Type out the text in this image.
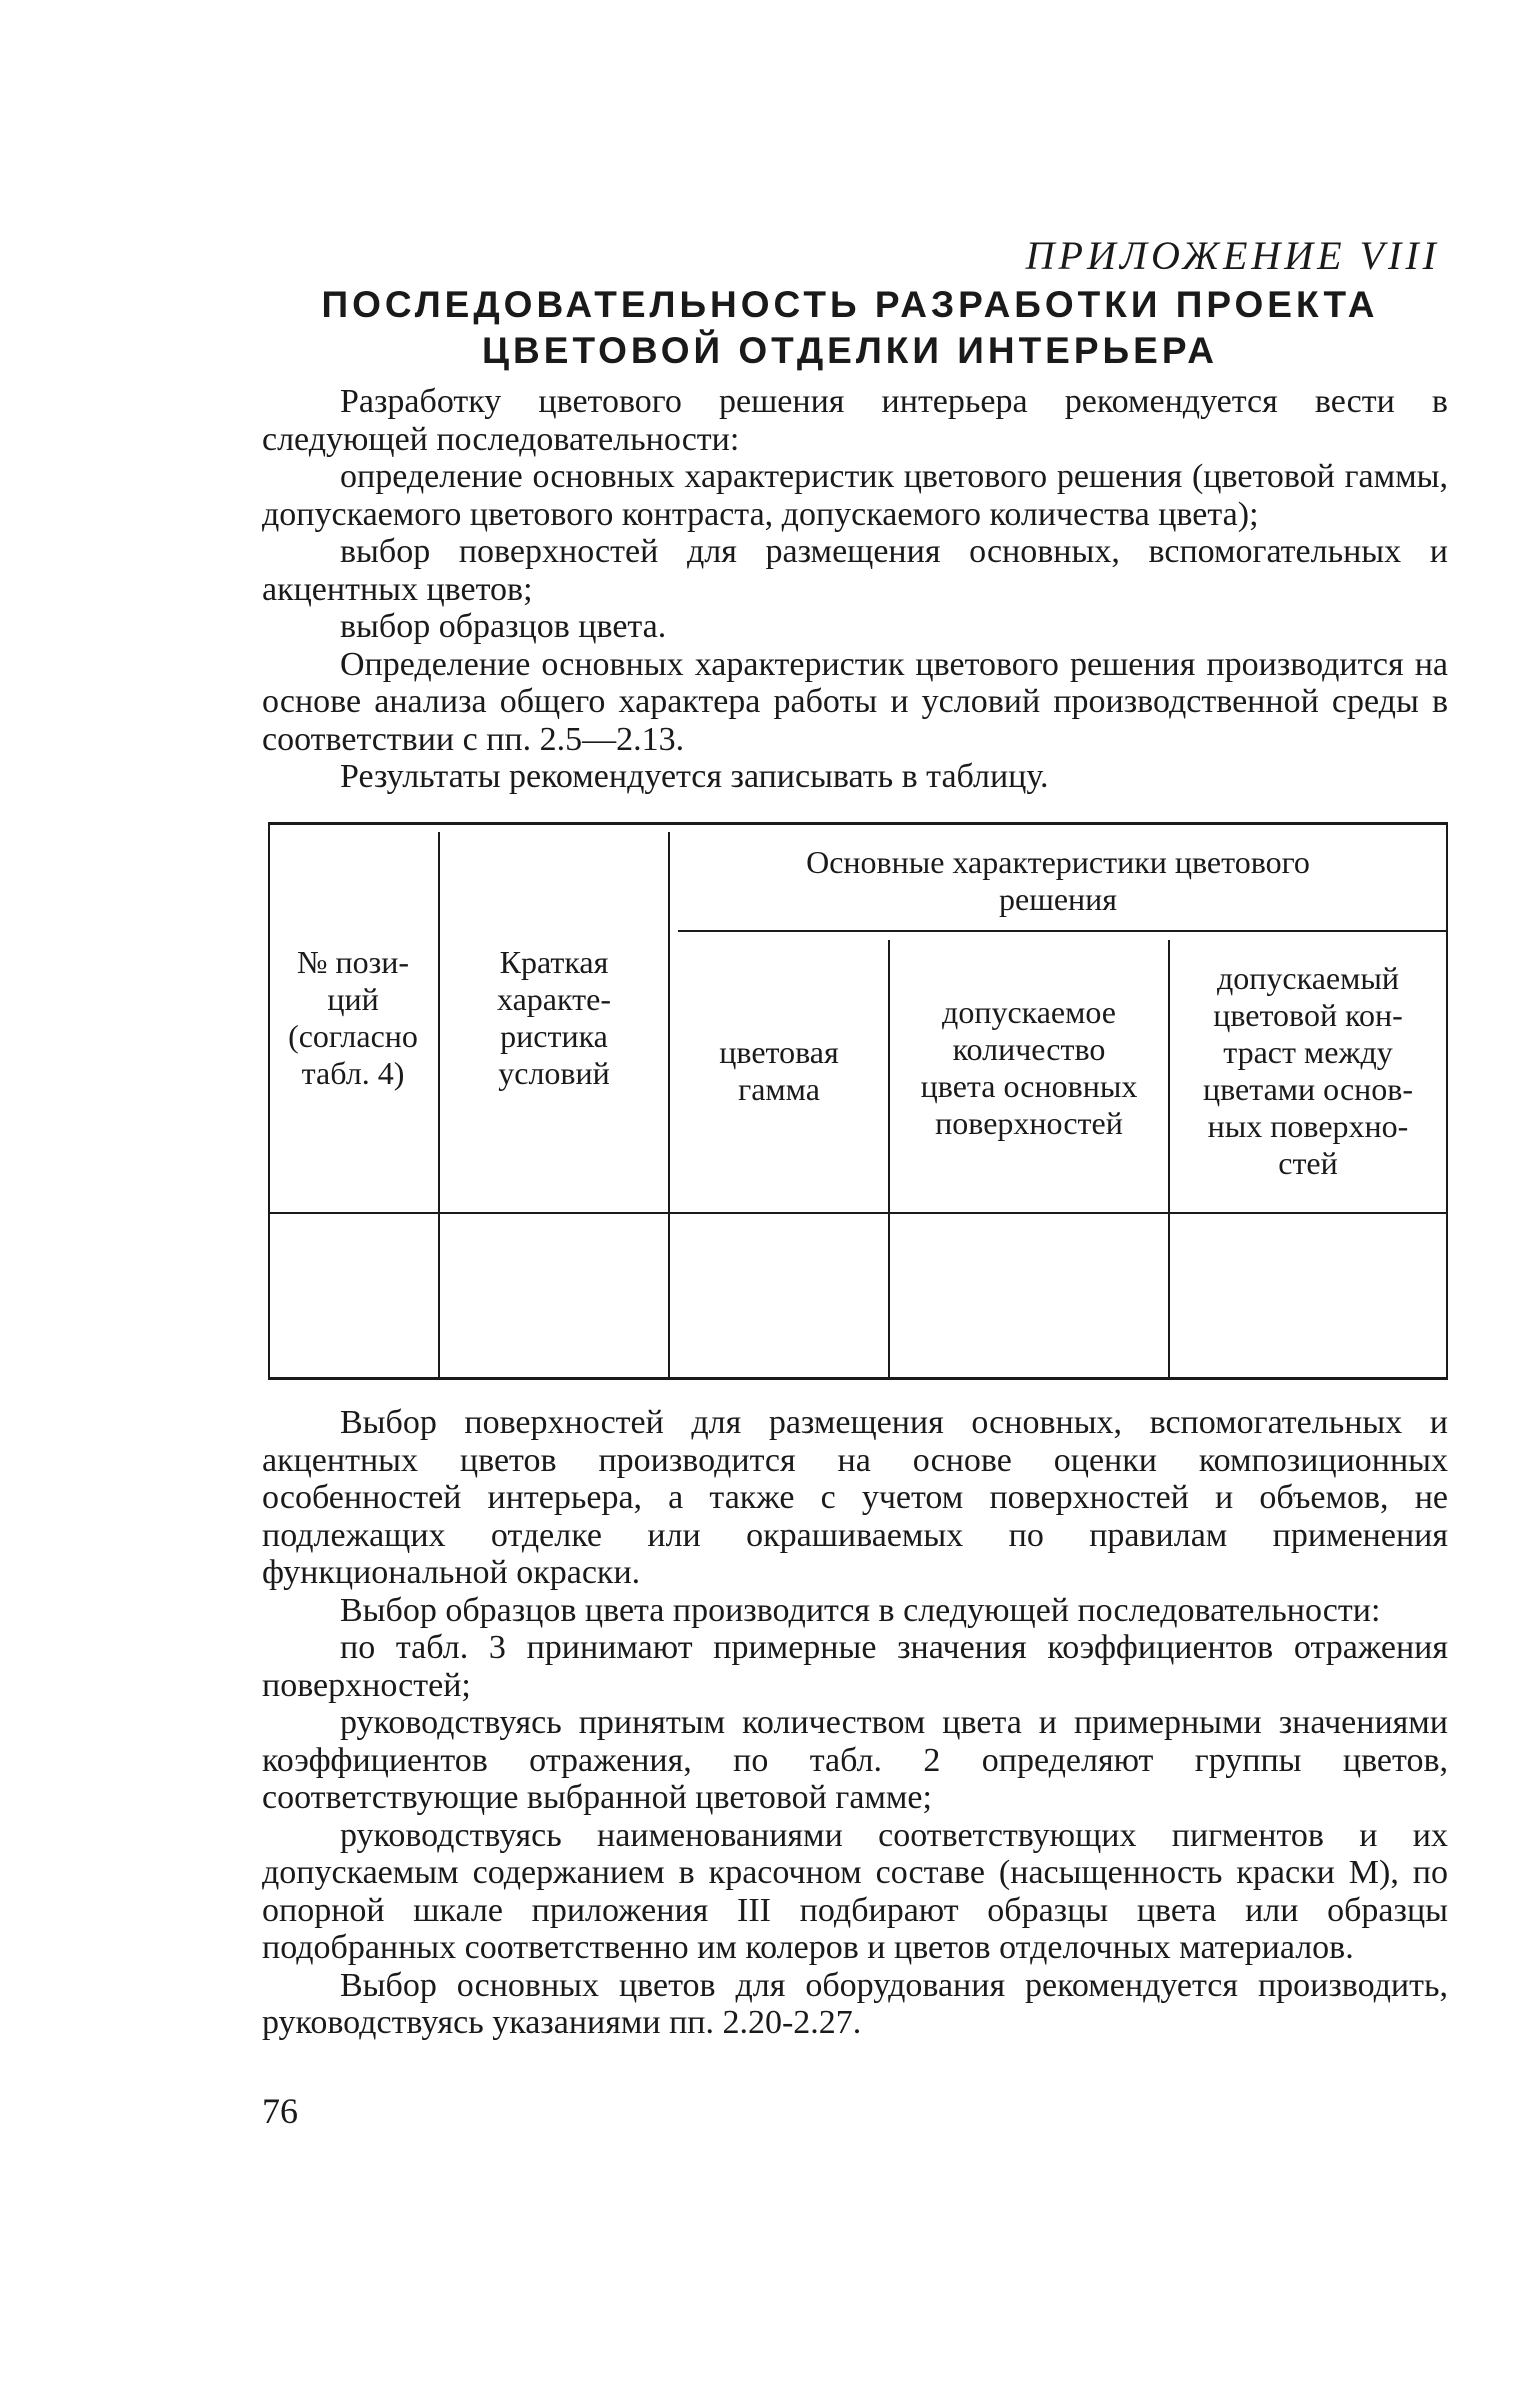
ПРИЛОЖЕНИЕ VIII
ПОСЛЕДОВАТЕЛЬНОСТЬ РАЗРАБОТКИ ПРОЕКТА
ЦВЕТОВОЙ ОТДЕЛКИ ИНТЕРЬЕРА

Разработку цветового решения интерьера рекомендуется вести в следующей последовательности:

определение основных характеристик цветового решения (цветовой гаммы, допускаемого цветового контраста, допускаемого количества цвета);

выбор поверхностей для размещения основных, вспомогательных и акцентных цветов;

выбор образцов цвета.

Определение основных характеристик цветового решения производится на основе анализа общего характера работы и условий производственной среды в соответствии с пп. 2.5—2.13.

Результаты рекомендуется записывать в таблицу.

№ пози-
ций
(согласно
табл. 4)
Краткая
характе-
ристика
условий
Основные характеристики цветового
решения
цветовая
гамма
допускаемое
количество
цвета основных
поверхностей
допускаемый
цветовой кон-
траст между
цветами основ-
ных поверхно-
стей

Выбор поверхностей для размещения основных, вспомогательных и акцентных цветов производится на основе оценки композиционных особенностей интерьера, а также с учетом поверхностей и объемов, не подлежащих отделке или окрашиваемых по правилам применения функциональной окраски.

Выбор образцов цвета производится в следующей последовательности:

по табл. 3 принимают примерные значения коэффициентов отражения поверхностей;

руководствуясь принятым количеством цвета и примерными значениями коэффициентов отражения, по табл. 2 определяют группы цветов, соответствующие выбранной цветовой гамме;

руководствуясь наименованиями соответствующих пигментов и их допускаемым содержанием в красочном составе (насыщенность краски М), по опорной шкале приложения III подбирают образцы цвета или образцы подобранных соответственно им колеров и цветов отделочных материалов.

Выбор основных цветов для оборудования рекомендуется производить, руководствуясь указаниями пп. 2.20-2.27.

76
